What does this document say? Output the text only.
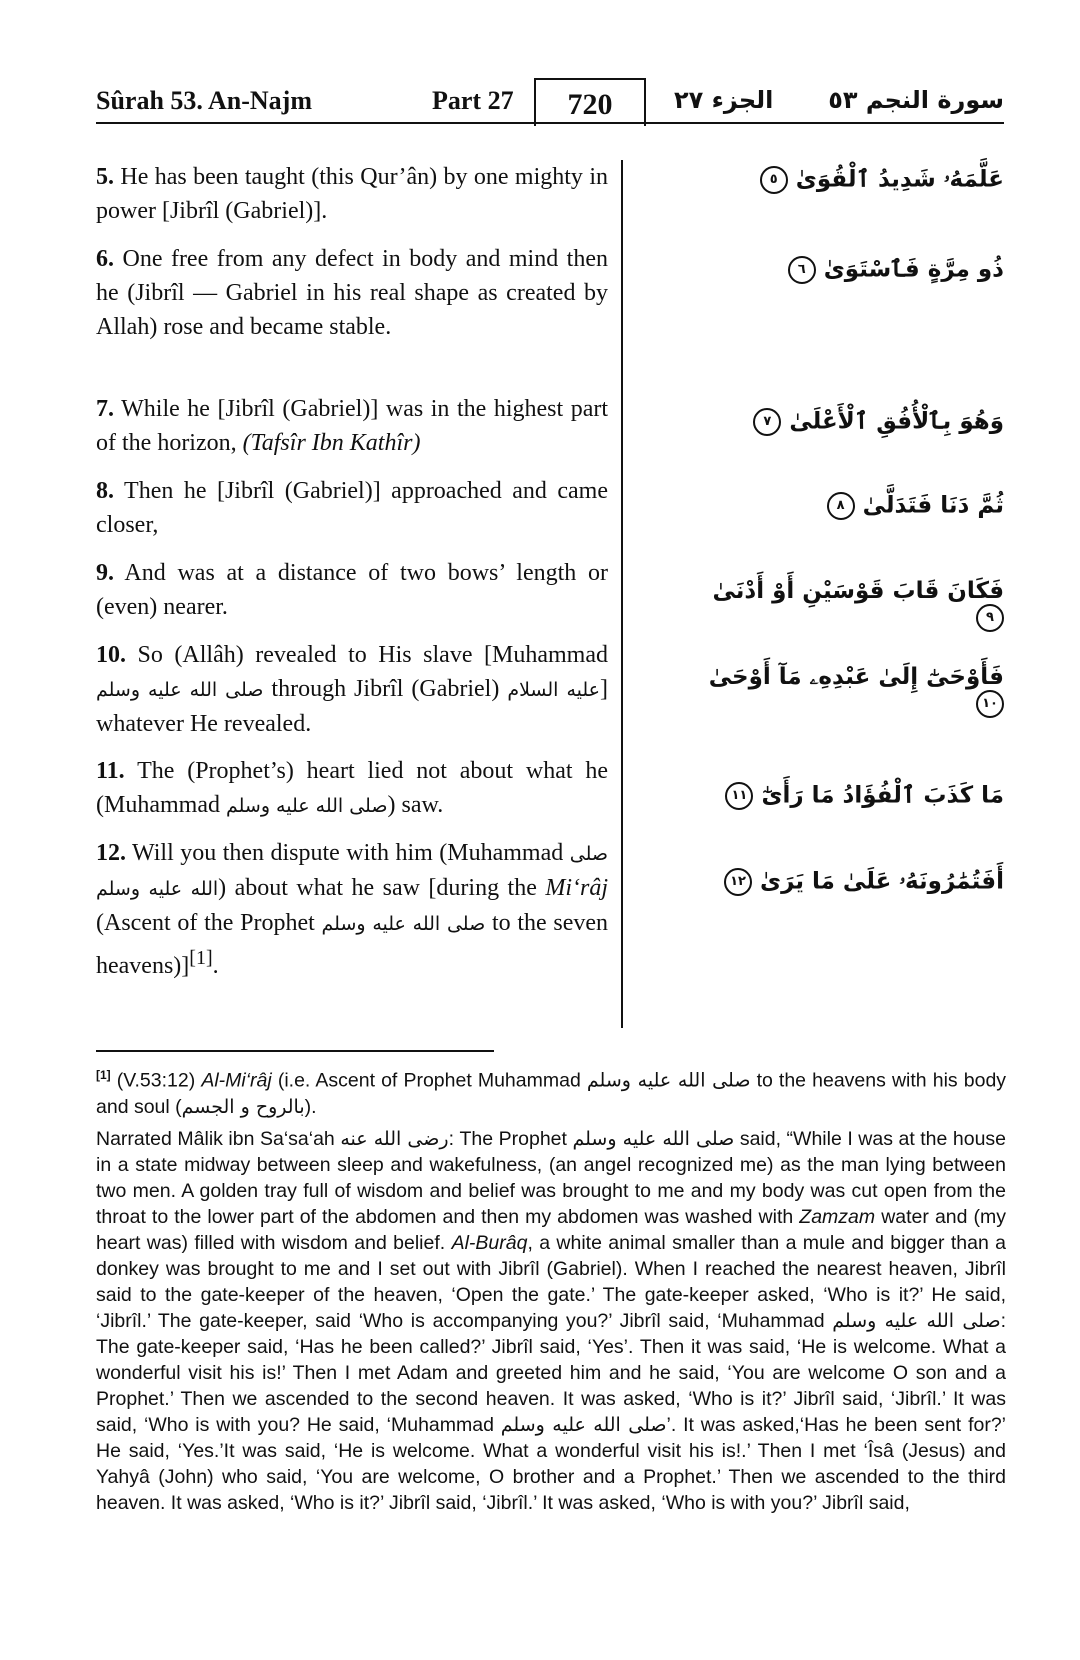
Sûrah 53. An-Najm	Part 27	720	الجزء ٢٧ سورة النجم ٥٣
5. He has been taught (this Qur’ân) by one mighty in power [Jibrîl (Gabriel)].
عَلَّمَهُۥ شَدِيدُ ٱلْقُوَىٰ ٥
6. One free from any defect in body and mind then he (Jibrîl — Gabriel in his real shape as created by Allah) rose and became stable.
ذُو مِرَّةٍ فَٱسْتَوَىٰ ٦
7. While he [Jibrîl (Gabriel)] was in the highest part of the horizon, (Tafsîr Ibn Kathîr)
وَهُوَ بِٱلْأُفُقِ ٱلْأَعْلَىٰ ٧
8. Then he [Jibrîl (Gabriel)] approached and came closer,
ثُمَّ دَنَا فَتَدَلَّىٰ ٨
9. And was at a distance of two bows’ length or (even) nearer.
فَكَانَ قَابَ قَوْسَيْنِ أَوْ أَدْنَىٰ ٩
10. So (Allâh) revealed to His slave [Muhammad صلى الله عليه وسلم through Jibrîl (Gabriel) عليه السلام] whatever He revealed.
فَأَوْحَىٰٓ إِلَىٰ عَبْدِهِۦ مَآ أَوْحَىٰ ١٠
11. The (Prophet’s) heart lied not about what he (Muhammad صلى الله عليه وسلم) saw.	مَا كَذَبَ ٱلْفُؤَادُ مَا رَأَىٰٓ ١١
12. Will you then dispute with him (Muhammad صلى الله عليه وسلم) about what he saw [during the Mi‘râj (Ascent of the Prophet صلى الله عليه وسلم to the seven heavens)][1].
أَفَتُمَٰرُونَهُۥ عَلَىٰ مَا يَرَىٰ ١٢

[1] (V.53:12) Al-Mi‘râj (i.e. Ascent of Prophet Muhammad صلى الله عليه وسلم to the heavens with his body and soul (بالروح و الجسم).

Narrated Mâlik ibn Sa‘sa‘ah رضى الله عنه: The Prophet صلى الله عليه وسلم said, “While I was at the house in a state midway between sleep and wakefulness, (an angel recognized me) as the man lying between two men. A golden tray full of wisdom and belief was brought to me and my body was cut open from the throat to the lower part of the abdomen and then my abdomen was washed with Zamzam water and (my heart was) filled with wisdom and belief. Al-Burâq, a white animal smaller than a mule and bigger than a donkey was brought to me and I set out with Jibrîl (Gabriel). When I reached the nearest heaven, Jibrîl said to the gate-keeper of the heaven, ‘Open the gate.’ The gate-keeper asked, ‘Who is it?’ He said, ‘Jibrîl.’ The gate-keeper, said ‘Who is accompanying you?’ Jibrîl said, ‘Muhammad صلى الله عليه وسلم: The gate-keeper said, ‘Has he been called?’ Jibrîl said, ‘Yes’. Then it was said, ‘He is welcome. What a wonderful visit his is!’ Then I met Adam and greeted him and he said, ‘You are welcome O son and a Prophet.’ Then we ascended to the second heaven. It was asked, ‘Who is it?’ Jibrîl said, ‘Jibrîl.’ It was said, ‘Who is with you? He said, ‘Muhammad صلى الله عليه وسلم’. It was asked,‘Has he been sent for?’ He said, ‘Yes.’It was said, ‘He is welcome. What a wonderful visit his is!.’ Then I met ‘Îsâ (Jesus) and Yahyâ (John) who said, ‘You are welcome, O brother and a Prophet.’ Then we ascended to the third heaven. It was asked, ‘Who is it?’ Jibrîl said, ‘Jibrîl.’ It was asked, ‘Who is with you?’ Jibrîl said,
